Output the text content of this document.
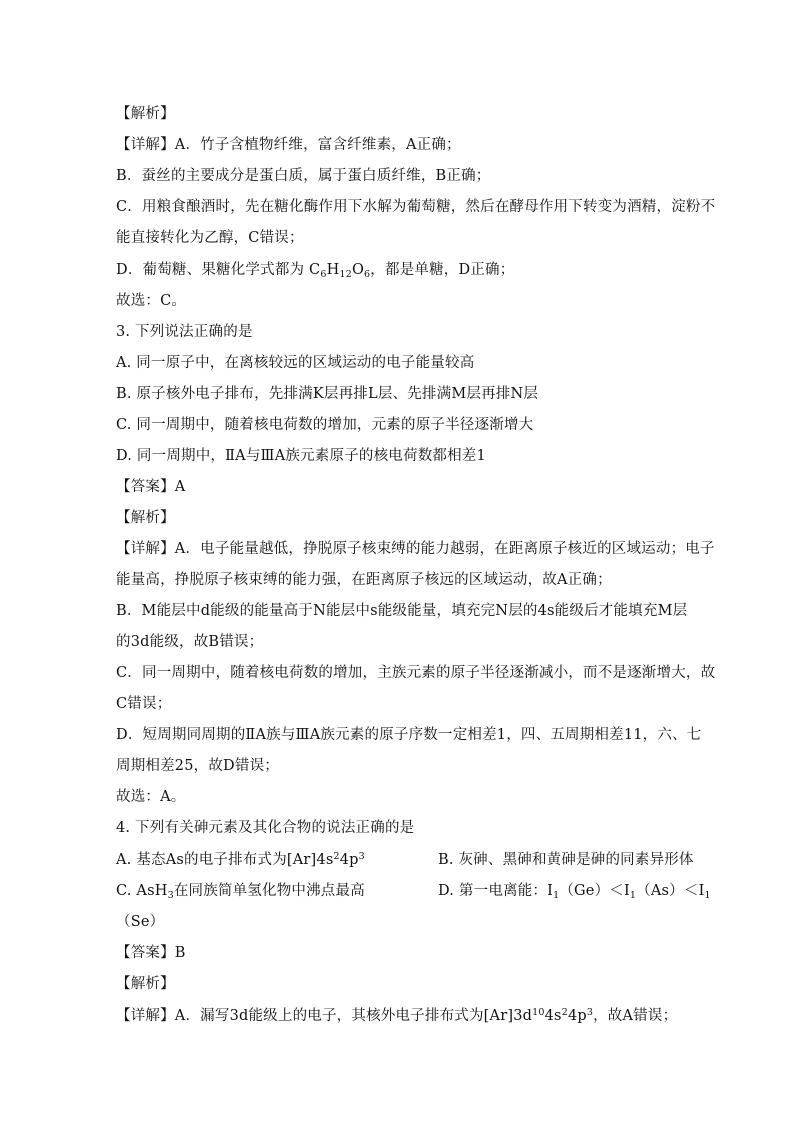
【解析】
【详解】A．竹子含植物纤维，富含纤维素，A正确；
B．蚕丝的主要成分是蛋白质，属于蛋白质纤维，B正确；
C．用粮食酿酒时，先在糖化酶作用下水解为葡萄糖，然后在酵母作用下转变为酒精，淀粉不
能直接转化为乙醇，C错误；
D．葡萄糖、果糖化学式都为 $C_6H_{12}O_6$，都是单糖，D正确；
故选：C。
3. 下列说法正确的是
A. 同一原子中，在离核较远的区域运动的电子能量较高
B. 原子核外电子排布，先排满K层再排L层、先排满M层再排N层
C. 同一周期中，随着核电荷数的增加，元素的原子半径逐渐增大
D. 同一周期中，ⅡA与ⅢA族元素原子的核电荷数都相差1
【答案】A
【解析】
【详解】A．电子能量越低，挣脱原子核束缚的能力越弱，在距离原子核近的区域运动；电子
能量高，挣脱原子核束缚的能力强，在距离原子核远的区域运动，故A正确；
B．M能层中d能级的能量高于N能层中s能级能量，填充完N层的4s能级后才能填充M层
的3d能级，故B错误；
C．同一周期中，随着核电荷数的增加，主族元素的原子半径逐渐减小，而不是逐渐增大，故
C错误；
D．短周期同周期的ⅡA族与ⅢA族元素的原子序数一定相差1，四、五周期相差11，六、七
周期相差25，故D错误；
故选：A。
4. 下列有关砷元素及其化合物的说法正确的是
A. 基态As的电子排布式为$[Ar]4s^24p^3$	B. 灰砷、黑砷和黄砷是砷的同素异形体
C. AsH$_3$在同族简单氢化物中沸点最高	D. 第一电离能：$I_1(Ge)<I_1(As)<I_1$
（Se）
【答案】B
【解析】
【详解】A．漏写3d能级上的电子，其核外电子排布式为$[Ar]3d^{10}4s^24p^3$，故A错误；
